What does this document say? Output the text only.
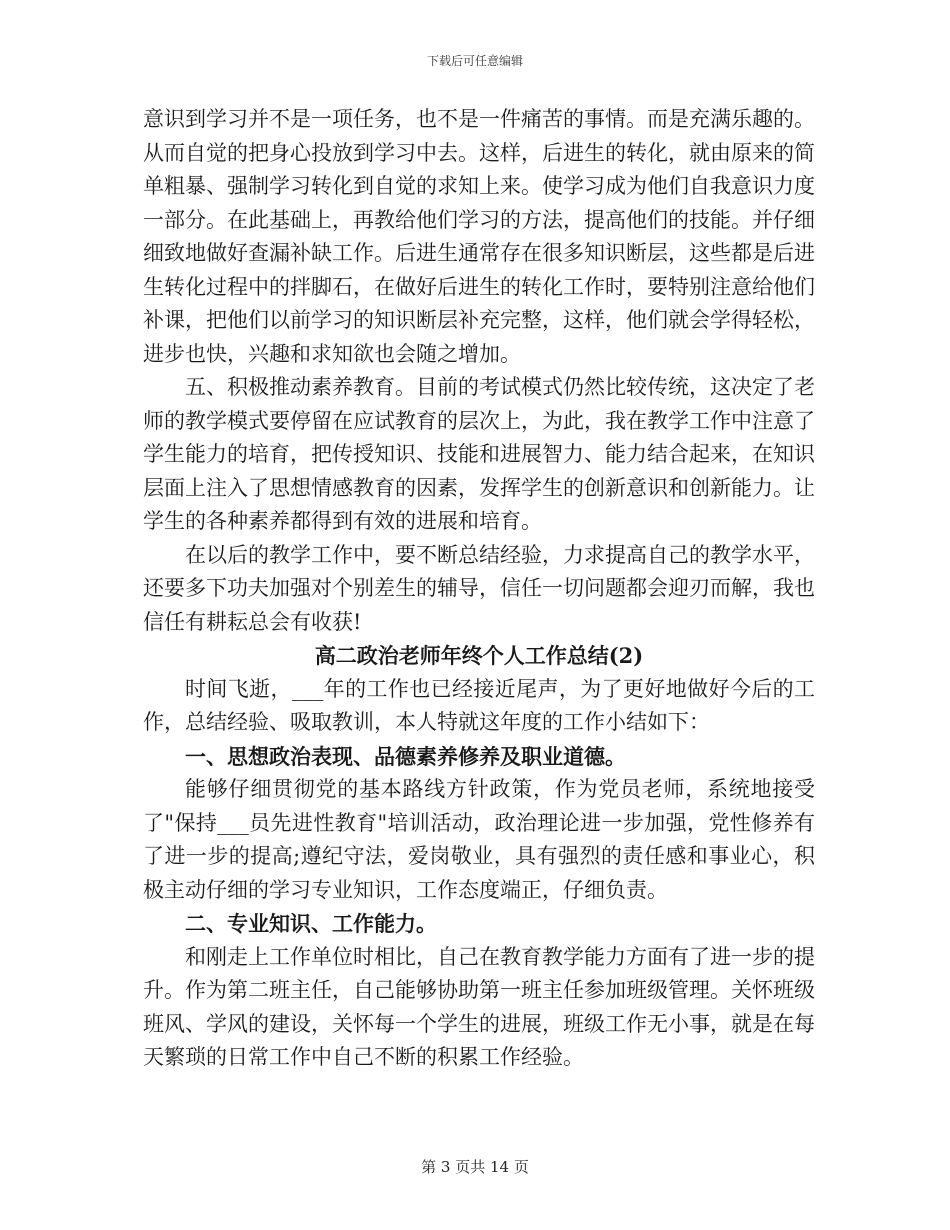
下载后可任意编辑

意识到学习并不是一项任务，也不是一件痛苦的事情。而是充满乐趣的。从而自觉的把身心投放到学习中去。这样，后进生的转化，就由原来的简单粗暴、强制学习转化到自觉的求知上来。使学习成为他们自我意识力度一部分。在此基础上，再教给他们学习的方法，提高他们的技能。并仔细细致地做好查漏补缺工作。后进生通常存在很多知识断层，这些都是后进生转化过程中的拌脚石，在做好后进生的转化工作时，要特别注意给他们补课，把他们以前学习的知识断层补充完整，这样，他们就会学得轻松，进步也快，兴趣和求知欲也会随之增加。

五、积极推动素养教育。目前的考试模式仍然比较传统，这决定了老师的教学模式要停留在应试教育的层次上，为此，我在教学工作中注意了学生能力的培育，把传授知识、技能和进展智力、能力结合起来，在知识层面上注入了思想情感教育的因素，发挥学生的创新意识和创新能力。让学生的各种素养都得到有效的进展和培育。

在以后的教学工作中，要不断总结经验，力求提高自己的教学水平，还要多下功夫加强对个别差生的辅导，信任一切问题都会迎刃而解，我也信任有耕耘总会有收获!

高二政治老师年终个人工作总结(2)

时间飞逝，___年的工作也已经接近尾声，为了更好地做好今后的工作，总结经验、吸取教训，本人特就这年度的工作小结如下：

一、思想政治表现、品德素养修养及职业道德。

能够仔细贯彻党的基本路线方针政策，作为党员老师，系统地接受了"保持___员先进性教育"培训活动，政治理论进一步加强，党性修养有了进一步的提高;遵纪守法，爱岗敬业，具有强烈的责任感和事业心，积极主动仔细的学习专业知识，工作态度端正，仔细负责。

二、专业知识、工作能力。

和刚走上工作单位时相比，自己在教育教学能力方面有了进一步的提升。作为第二班主任，自己能够协助第一班主任参加班级管理。关怀班级班风、学风的建设，关怀每一个学生的进展，班级工作无小事，就是在每天繁琐的日常工作中自己不断的积累工作经验。

第 3 页共 14 页
